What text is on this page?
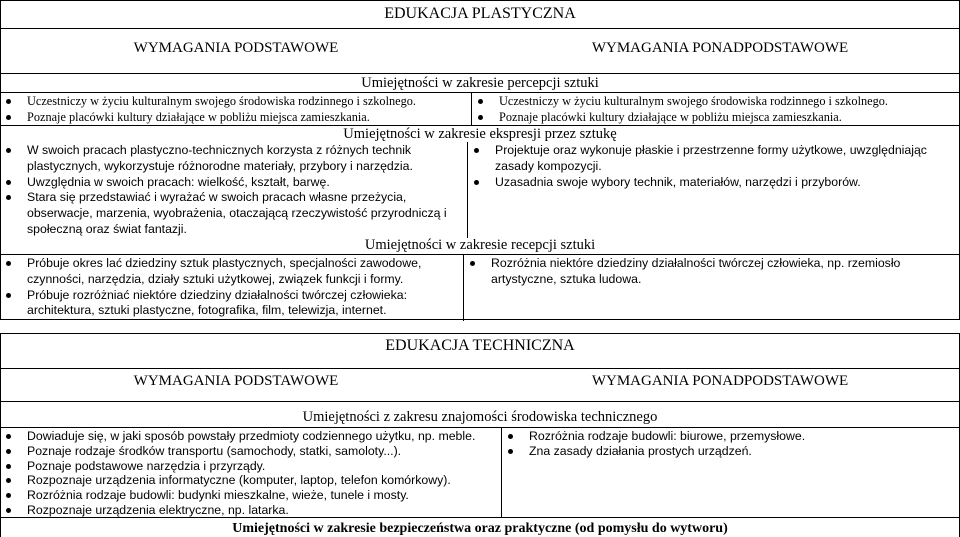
EDUKACJA PLASTYCZNA
WYMAGANIA PODSTAWOWE	WYMAGANIA PONADPODSTAWOWE
Umiejętności w zakresie percepcji sztuki
Uczestniczy w życiu kulturalnym swojego środowiska rodzinnego i szkolnego.
Poznaje placówki kultury działające w pobliżu miejsca zamieszkania.
Uczestniczy w życiu kulturalnym swojego środowiska rodzinnego i szkolnego.
Poznaje placówki kultury działające w pobliżu miejsca zamieszkania.
Umiejętności w zakresie ekspresji przez sztukę
W swoich pracach plastyczno-technicznych korzysta z różnych technik plastycznych, wykorzystuje różnorodne materiały, przybory i narzędzia.
Uwzględnia w swoich pracach: wielkość, kształt, barwę.
Stara się przedstawiać i wyrażać w swoich pracach własne przeżycia, obserwacje, marzenia, wyobrażenia, otaczającą rzeczywistość przyrodniczą i społeczną oraz świat fantazji.
Projektuje oraz wykonuje płaskie i przestrzenne formy użytkowe, uwzględniając zasady kompozycji.
Uzasadnia swoje wybory technik, materiałów, narzędzi i przyborów.
Umiejętności w zakresie recepcji sztuki
Próbuje okres lać dziedziny sztuk plastycznych, specjalności zawodowe, czynności, narzędzia, działy sztuki użytkowej, związek funkcji i formy.
Próbuje rozróżniać niektóre dziedziny działalności twórczej człowieka: architektura, sztuki plastyczne, fotografika, film, telewizja, internet.
Rozróżnia niektóre dziedziny działalności twórczej człowieka, np. rzemiosło artystyczne, sztuka ludowa.
EDUKACJA TECHNICZNA
WYMAGANIA PODSTAWOWE	WYMAGANIA PONADPODSTAWOWE
Umiejętności z zakresu znajomości środowiska technicznego
Dowiaduje się, w jaki sposób powstały przedmioty codziennego użytku, np. meble.
Poznaje rodzaje środków transportu (samochody, statki, samoloty...).
Poznaje podstawowe narzędzia i przyrządy.
Rozpoznaje urządzenia informatyczne (komputer, laptop, telefon komórkowy).
Rozróżnia rodzaje budowli: budynki mieszkalne, wieże, tunele i mosty.
Rozpoznaje urządzenia elektryczne, np. latarka.
Rozróżnia rodzaje budowli: biurowe, przemysłowe.
Zna zasady działania prostych urządzeń.
Umiejętności w zakresie bezpieczeństwa oraz praktyczne (od pomysłu do wytworu)
